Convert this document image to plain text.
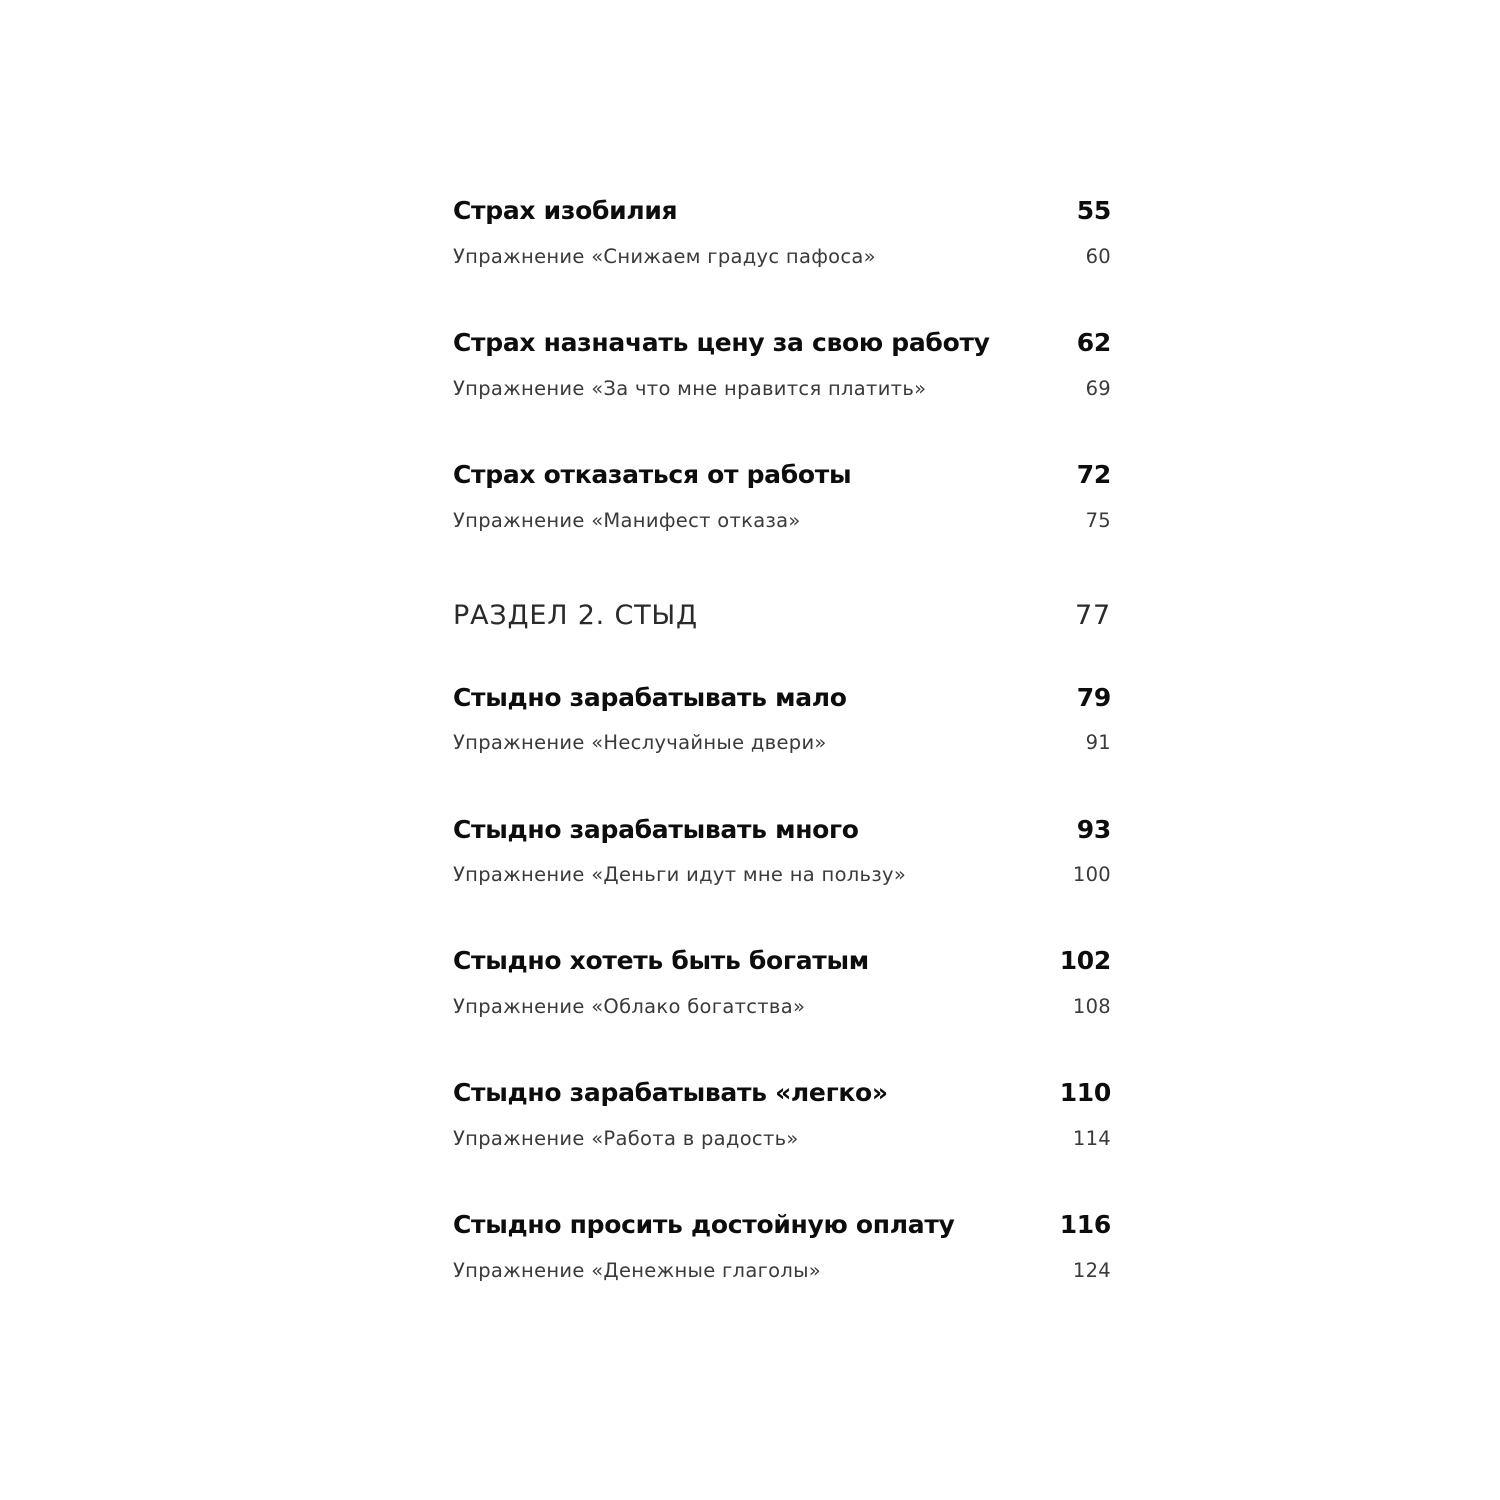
Страх изобилия	55
Упражнение «Снижаем градус пафоса»	60
Страх назначать цену за свою работу	62
Упражнение «За что мне нравится платить»	69
Страх отказаться от работы	72
Упражнение «Манифест отказа»	75
РАЗДЕЛ 2. СТЫД	77
Стыдно зарабатывать мало	79
Упражнение «Неслучайные двери»	91
Стыдно зарабатывать много	93
Упражнение «Деньги идут мне на пользу»	100
Стыдно хотеть быть богатым	102
Упражнение «Облако богатства»	108
Стыдно зарабатывать «легко»	110
Упражнение «Работа в радость»	114
Стыдно просить достойную оплату	116
Упражнение «Денежные глаголы»	124
